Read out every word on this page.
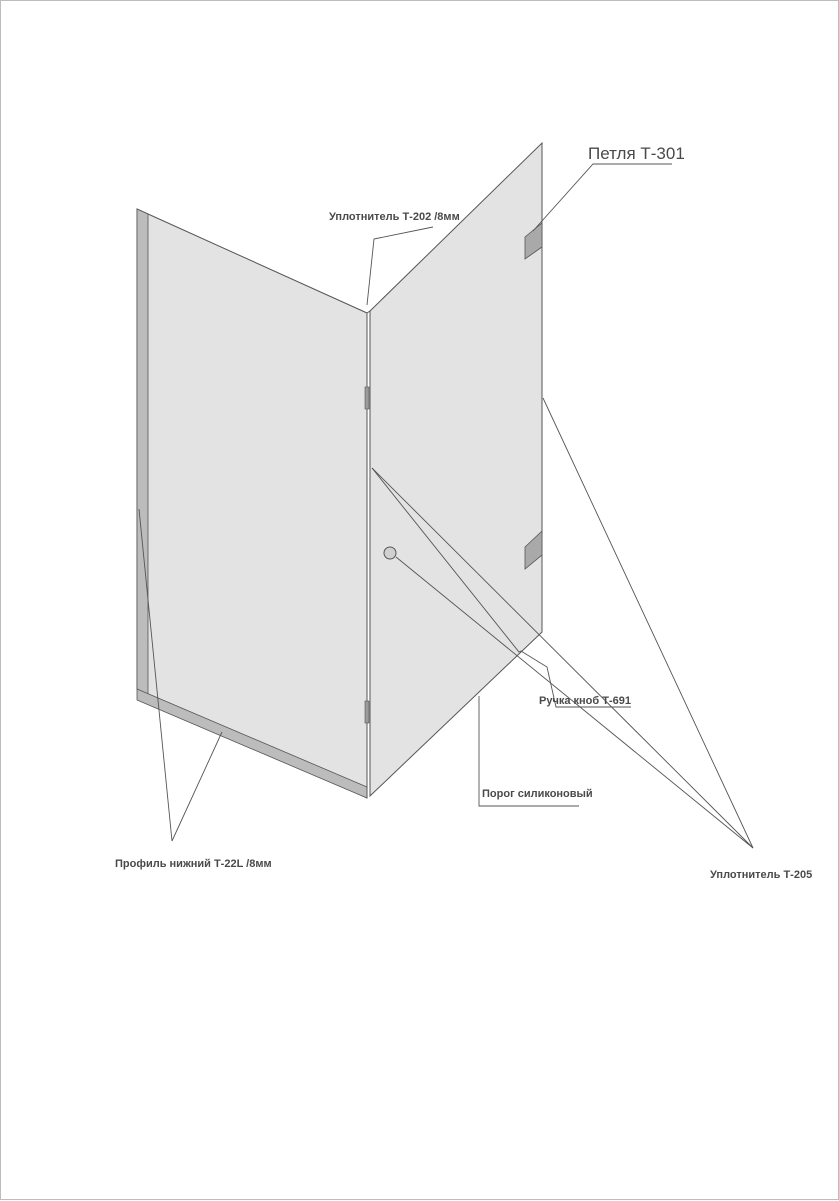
Петля Т-301
Уплотнитель Т-202 /8мм
Ручка кноб Т-691
Порог силиконовый
Профиль нижний Т-22L /8мм
Уплотнитель Т-205
